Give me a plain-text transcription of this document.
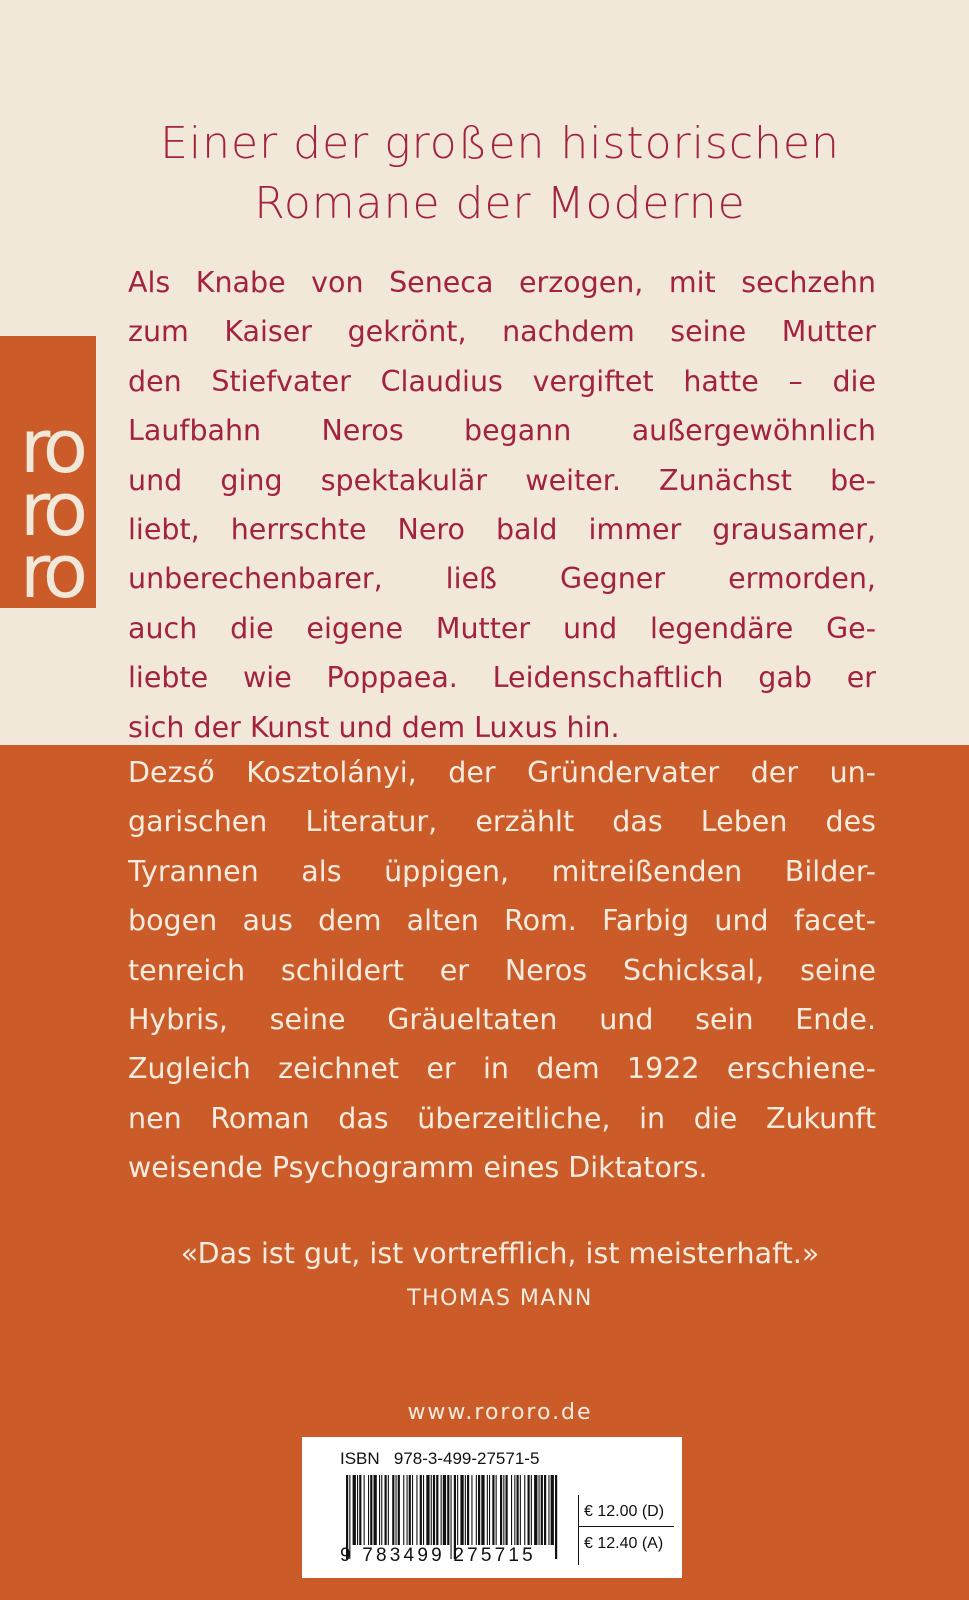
ro
ro
ro
Einer der großen historischen
Romane der Moderne
Als Knabe von Seneca erzogen, mit sechzehn
zum Kaiser gekrönt, nachdem seine Mutter
den Stiefvater Claudius vergiftet hatte – die
Laufbahn Neros begann außergewöhnlich
und ging spektakulär weiter. Zunächst be-
liebt, herrschte Nero bald immer grausamer,
unberechenbarer, ließ Gegner ermorden,
auch die eigene Mutter und legendäre Ge-
liebte wie Poppaea. Leidenschaftlich gab er
sich der Kunst und dem Luxus hin.
Dezső Kosztolányi, der Gründervater der un-
garischen Literatur, erzählt das Leben des
Tyrannen als üppigen, mitreißenden Bilder-
bogen aus dem alten Rom. Farbig und facet-
tenreich schildert er Neros Schicksal, seine
Hybris, seine Gräueltaten und sein Ende.
Zugleich zeichnet er in dem 1922 erschiene-
nen Roman das überzeitliche, in die Zukunft
weisende Psychogramm eines Diktators.
«Das ist gut, ist vortrefflich, ist meisterhaft.»
THOMAS MANN
www.rororo.de
ISBN   978-3-499-27571-5
9 783499 275715
€ 12.00 (D)
€ 12.40 (A)
